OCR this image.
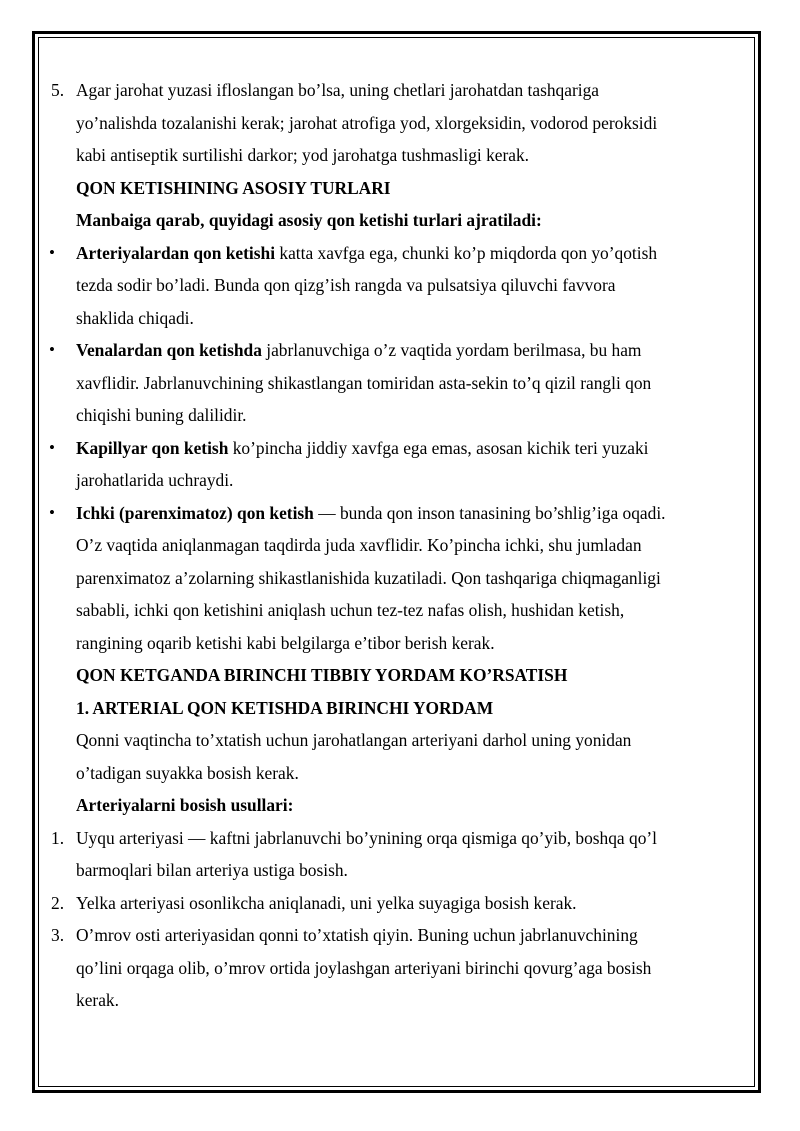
5. Agar jarohat yuzasi ifloslangan bo’lsa, uning chetlari jarohatdan tashqariga
yo’nalishda tozalanishi kerak; jarohat atrofiga yod, xlorgeksidin, vodorod peroksidi
kabi antiseptik surtilishi darkor; yod jarohatga tushmasligi kerak.
QON KETISHINING ASOSIY TURLARI
Manbaiga qarab, quyidagi asosiy qon ketishi turlari ajratiladi:
• Arteriyalardan qon ketishi katta xavfga ega, chunki ko’p miqdorda qon yo’qotish
tezda sodir bo’ladi. Bunda qon qizg’ish rangda va pulsatsiya qiluvchi favvora
shaklida chiqadi.
• Venalardan qon ketishda jabrlanuvchiga o’z vaqtida yordam berilmasa, bu ham
xavflidir. Jabrlanuvchining shikastlangan tomiridan asta-sekin to’q qizil rangli qon
chiqishi buning dalilidir.
• Kapillyar qon ketish ko’pincha jiddiy xavfga ega emas, asosan kichik teri yuzaki
jarohatlarida uchraydi.
• Ichki (parenximatoz) qon ketish — bunda qon inson tanasining bo’shlig’iga oqadi.
O’z vaqtida aniqlanmagan taqdirda juda xavflidir. Ko’pincha ichki, shu jumladan
parenximatoz a’zolarning shikastlanishida kuzatiladi. Qon tashqariga chiqmaganligi
sababli, ichki qon ketishini aniqlash uchun tez-tez nafas olish, hushidan ketish,
rangining oqarib ketishi kabi belgilarga e’tibor berish kerak.
QON KETGANDA BIRINCHI TIBBIY YORDAM KO’RSATISH
1. ARTERIAL QON KETISHDA BIRINCHI YORDAM
Qonni vaqtincha to’xtatish uchun jarohatlangan arteriyani darhol uning yonidan
o’tadigan suyakka bosish kerak.
Arteriyalarni bosish usullari:
1. Uyqu arteriyasi — kaftni jabrlanuvchi bo’ynining orqa qismiga qo’yib, boshqa qo’l
barmoqlari bilan arteriya ustiga bosish.
2. Yelka arteriyasi osonlikcha aniqlanadi, uni yelka suyagiga bosish kerak.
3. O’mrov osti arteriyasidan qonni to’xtatish qiyin. Buning uchun jabrlanuvchining
qo’lini orqaga olib, o’mrov ortida joylashgan arteriyani birinchi qovurg’aga bosish
kerak.
